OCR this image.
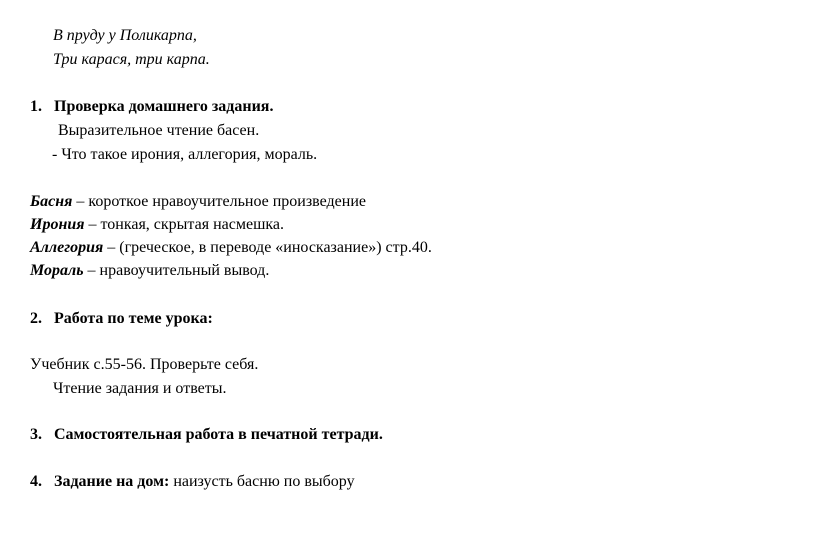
В пруду у Поликарпа,
Три карася, три карпа.
1. Проверка домашнего задания.
Выразительное чтение басен.
- Что такое ирония, аллегория, мораль.
Басня – короткое нравоучительное произведение
Ирония – тонкая, скрытая насмешка.
Аллегория – (греческое, в переводе «иносказание») стр.40.
Мораль – нравоучительный вывод.
2. Работа по теме урока:
Учебник с.55-56. Проверьте себя.
Чтение задания и ответы.
3. Самостоятельная работа в печатной тетради.
4. Задание на дом: наизусть басню по выбору
